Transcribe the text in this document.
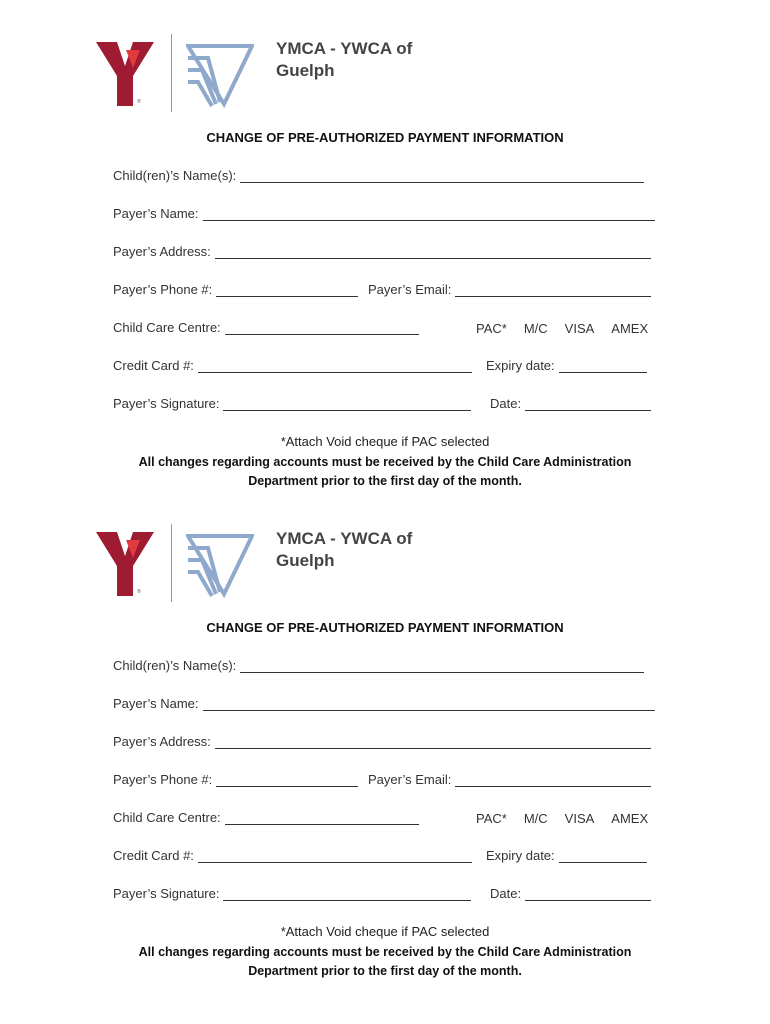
®
YMCA - YWCA of Guelph
CHANGE OF PRE-AUTHORIZED PAYMENT INFORMATION
Child(ren)’s Name(s):
Payer’s Name:
Payer’s Address:
Payer’s Phone #:	Payer’s Email:
Child Care Centre:	PAC* M/C VISA AMEX
Credit Card #:	Expiry date:
Payer’s Signature:	Date:
*Attach Void cheque if PAC selected
All changes regarding accounts must be received by the Child Care Administration Department prior to the first day of the month.
®
YMCA - YWCA of Guelph
CHANGE OF PRE-AUTHORIZED PAYMENT INFORMATION
Child(ren)’s Name(s):
Payer’s Name:
Payer’s Address:
Payer’s Phone #:	Payer’s Email:
Child Care Centre:	PAC* M/C VISA AMEX
Credit Card #:	Expiry date:
Payer’s Signature:	Date:
*Attach Void cheque if PAC selected
All changes regarding accounts must be received by the Child Care Administration Department prior to the first day of the month.
